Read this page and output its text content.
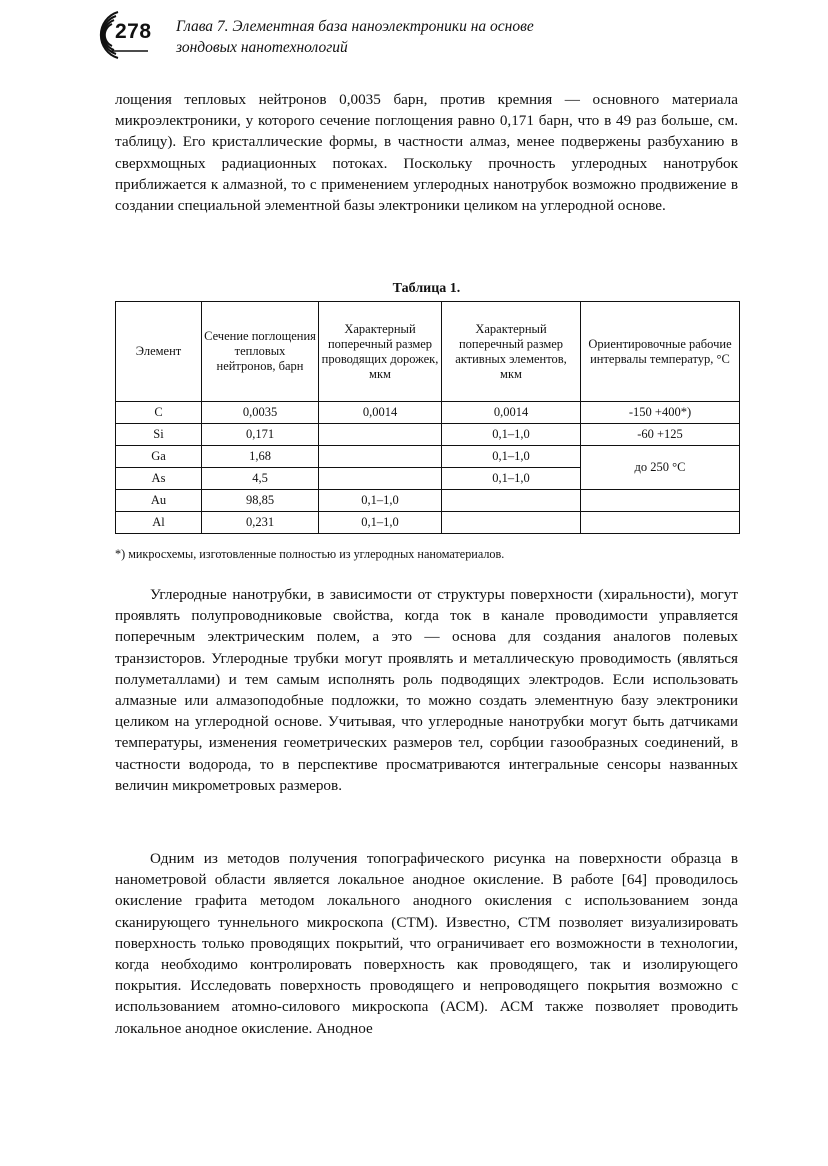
278 Глава 7. Элементная база наноэлектроники на основе
зондовых нанотехнологий

лощения тепловых нейтронов 0,0035 барн, против кремния — основного материала микроэлектроники, у которого сечение поглощения равно 0,171 барн, что в 49 раз больше, см. таблицу). Его кристаллические формы, в частности алмаз, менее подвержены разбуханию в сверхмощных радиационных потоках. Поскольку прочность углеродных нанотрубок приближается к алмазной, то с применением углеродных нанотрубок возможно продвижение в создании специальной элементной базы электроники целиком на углеродной основе.

Таблица 1.
Элемент	Сечение поглощения тепловых нейтронов, барн	Характерный поперечный размер проводящих дорожек, мкм	Характерный поперечный размер активных элементов, мкм	Ориентировочные рабочие интервалы температур, °С
C	0,0035	0,0014	0,0014	-150 +400*)
Si	0,171		0,1–1,0	-60 +125
Ga	1,68		0,1–1,0	до 250 °С
As	4,5		0,1–1,0	
Au	98,85	0,1–1,0		
Al	0,231	0,1–1,0		
*) микросхемы, изготовленные полностью из углеродных наноматериалов.

Углеродные нанотрубки, в зависимости от структуры поверхности (хиральности), могут проявлять полупроводниковые свойства, когда ток в канале проводимости управляется поперечным электрическим полем, а это — основа для создания аналогов полевых транзисторов. Углеродные трубки могут проявлять и металлическую проводимость (являться полуметаллами) и тем самым исполнять роль подводящих электродов. Если использовать алмазные или алмазоподобные подложки, то можно создать элементную базу электроники целиком на углеродной основе. Учитывая, что углеродные нанотрубки могут быть датчиками температуры, изменения геометрических размеров тел, сорбции газообразных соединений, в частности водорода, то в перспективе просматриваются интегральные сенсоры названных величин микрометровых размеров.

Одним из методов получения топографического рисунка на поверхности образца в нанометровой области является локальное анодное окисление. В работе [64] проводилось окисление графита методом локального анодного окисления с использованием зонда сканирующего туннельного микроскопа (СТМ). Известно, СТМ позволяет визуализировать поверхность только проводящих покрытий, что ограничивает его возможности в технологии, когда необходимо контролировать поверхность как проводящего, так и изолирующего покрытия. Исследовать поверхность проводящего и непроводящего покрытия возможно с использованием атомно-силового микроскопа (АСМ). АСМ также позволяет проводить локальное анодное окисление. Анодное
